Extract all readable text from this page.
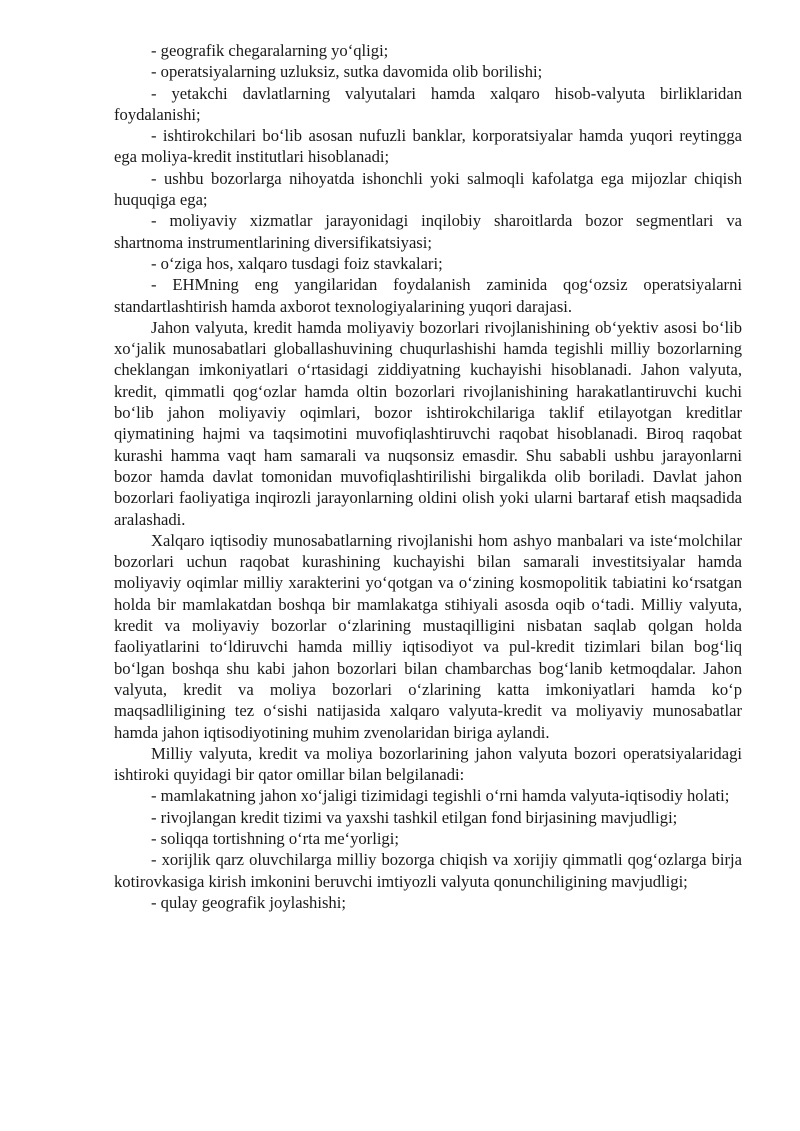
- geografik chegaralarning yo‘qligi;

- operatsiyalarning uzluksiz, sutka davomida olib borilishi;

- yetakchi davlatlarning valyutalari hamda xalqaro hisob-valyuta birliklaridan foydalanishi;

- ishtirokchilari bo‘lib asosan nufuzli banklar, korporatsiyalar hamda yuqori reytingga ega moliya-kredit institutlari hisoblanadi;

- ushbu bozorlarga nihoyatda ishonchli yoki salmoqli kafolatga ega mijozlar chiqish huquqiga ega;

- moliyaviy xizmatlar jarayonidagi inqilobiy sharoitlarda bozor segmentlari va shartnoma instrumentlarining diversifikatsiyasi;

- o‘ziga hos, xalqaro tusdagi foiz stavkalari;

- EHMning eng yangilaridan foydalanish zaminida qog‘ozsiz operatsiyalarni standartlashtirish hamda axborot texnologiyalarining yuqori darajasi.

Jahon valyuta, kredit hamda moliyaviy bozorlari rivojlanishining ob‘yektiv asosi bo‘lib xo‘jalik munosabatlari globallashuvining chuqurlashishi hamda tegishli milliy bozorlarning cheklangan imkoniyatlari o‘rtasidagi ziddiyatning kuchayishi hisoblanadi. Jahon valyuta, kredit, qimmatli qog‘ozlar hamda oltin bozorlari rivojlanishining harakatlantiruvchi kuchi bo‘lib jahon moliyaviy oqimlari, bozor ishtirokchilariga taklif etilayotgan kreditlar qiymatining hajmi va taqsimotini muvofiqlashtiruvchi raqobat hisoblanadi. Biroq raqobat kurashi hamma vaqt ham samarali va nuqsonsiz emasdir. Shu sababli ushbu jarayonlarni bozor hamda davlat tomonidan muvofiqlashtirilishi birgalikda olib boriladi. Davlat jahon bozorlari faoliyatiga inqirozli jarayonlarning oldini olish yoki ularni bartaraf etish maqsadida aralashadi.

Xalqaro iqtisodiy munosabatlarning rivojlanishi hom ashyo manbalari va iste‘molchilar bozorlari uchun raqobat kurashining kuchayishi bilan samarali investitsiyalar hamda moliyaviy oqimlar milliy xarakterini yo‘qotgan va o‘zining kosmopolitik tabiatini ko‘rsatgan holda bir mamlakatdan boshqa bir mamlakatga stihiyali asosda oqib o‘tadi. Milliy valyuta, kredit va moliyaviy bozorlar o‘zlarining mustaqilligini nisbatan saqlab qolgan holda faoliyatlarini to‘ldiruvchi hamda milliy iqtisodiyot va pul-kredit tizimlari bilan bog‘liq bo‘lgan boshqa shu kabi jahon bozorlari bilan chambarchas bog‘lanib ketmoqdalar. Jahon valyuta, kredit va moliya bozorlari o‘zlarining katta imkoniyatlari hamda ko‘p maqsadliligining tez o‘sishi natijasida xalqaro valyuta-kredit va moliyaviy munosabatlar hamda jahon iqtisodiyotining muhim zvenolaridan biriga aylandi.

Milliy valyuta, kredit va moliya bozorlarining jahon valyuta bozori operatsiyalaridagi ishtiroki quyidagi bir qator omillar bilan belgilanadi:

- mamlakatning jahon xo‘jaligi tizimidagi tegishli o‘rni hamda valyuta-iqtisodiy holati;

- rivojlangan kredit tizimi va yaxshi tashkil etilgan fond birjasining mavjudligi;

- soliqqa tortishning o‘rta me‘yorligi;

- xorijlik qarz oluvchilarga milliy bozorga chiqish va xorijiy qimmatli qog‘ozlarga birja kotirovkasiga kirish imkonini beruvchi imtiyozli valyuta qonunchiligining mavjudligi;

- qulay geografik joylashishi;
